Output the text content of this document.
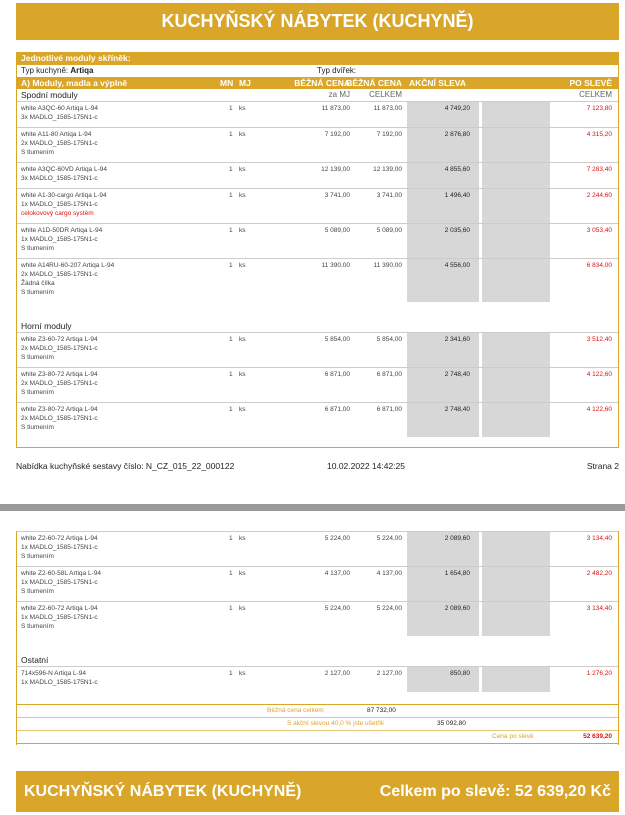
KUCHYŇSKÝ NÁBYTEK (KUCHYNĚ)
Jednotlivé moduly skříněk:
Typ kuchyně: Artiqa	Typ dvířek:
A) Moduly, madla a výplně	MN MJ	BĚŽNÁ CENA
BĚŽNÁ CENA AKČNÍ SLEVA	PO SLEVĚ
Spodní moduly	za MJ CELKEM	CELKEM
white A3QC-60 Artiqa L-94
3x MADLO_1585-175N1-c
1 ks	11 873,00	11 873,00	4 749,20	7 123,80
white A11-80 Artiqa L-94
2x MADLO_1585-175N1-c
S tlumením
1 ks	7 192,00	7 192,00	2 876,80	4 315,20
white A3QC-60VD Artiqa L-94
3x MADLO_1585-175N1-c
1 ks	12 139,00	12 139,00	4 855,60	7 283,40
white A1-30-cargo Artiqa L-94
1x MADLO_1585-175N1-c
celokovový cargo systém
1 ks	3 741,00	3 741,00	1 496,40	2 244,60
white A1D-50DR Artiqa L-94
1x MADLO_1585-175N1-c
S tlumením
1 ks	5 089,00	5 089,00	2 035,60	3 053,40
white A14RU-60-207 Artiqa L-94
2x MADLO_1585-175N1-c
Žádná čílka
S tlumením
1 ks	11 390,00	11 390,00	4 556,00	6 834,00
Horní moduly
white Z3-60-72 Artiqa L-94
2x MADLO_1585-175N1-c
S tlumením
1 ks	5 854,00	5 854,00	2 341,60	3 512,40
white Z3-80-72 Artiqa L-94
2x MADLO_1585-175N1-c
S tlumením
1 ks	6 871,00	6 871,00	2 748,40	4 122,60
white Z3-80-72 Artiqa L-94
2x MADLO_1585-175N1-c
S tlumením
1 ks	6 871,00	6 871,00	2 748,40	4 122,60
Nabídka kuchyňské sestavy číslo: N_CZ_015_22_000122	10.02.2022 14:42:25	Strana 2
white Z2-60-72 Artiqa L-94
1x MADLO_1585-175N1-c
S tlumením
1 ks	5 224,00	5 224,00	2 089,60	3 134,40
white Z2-60-58L Artiqa L-94
1x MADLO_1585-175N1-c
S tlumením
1 ks	4 137,00	4 137,00	1 654,80	2 482,20
white Z2-60-72 Artiqa L-94
1x MADLO_1585-175N1-c
S tlumením
1 ks	5 224,00	5 224,00	2 089,60	3 134,40
Ostatní
714x596-N Artiqa L-94
1x MADLO_1585-175N1-c
1 ks	2 127,00	2 127,00	850,80	1 276,20
Běžná cena celkem	87 732,00
S akční slevou 40,0 % jste ušetřili	35 092,80
Cena po slevě	52 639,20
KUCHYŇSKÝ NÁBYTEK (KUCHYNĚ)	Celkem po slevě: 52 639,20 Kč
